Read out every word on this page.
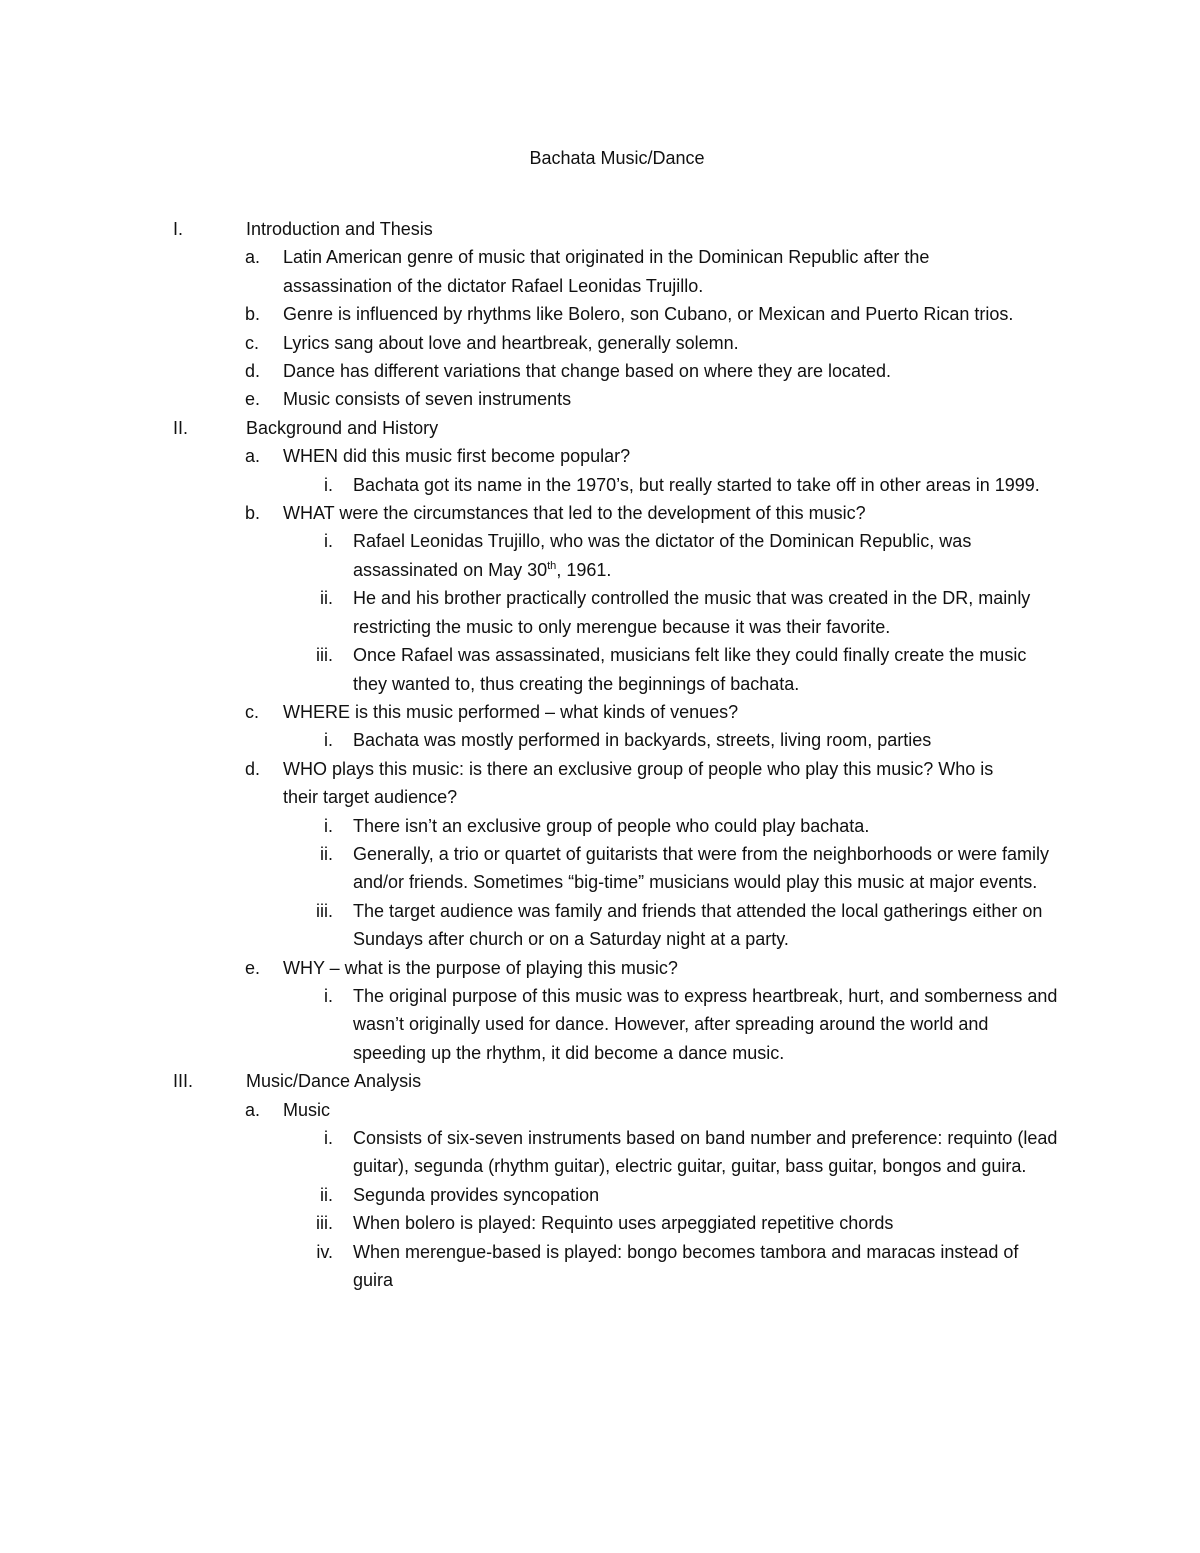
Bachata Music/Dance
I.	Introduction and Thesis
a. Latin American genre of music that originated in the Dominican Republic after the assassination of the dictator Rafael Leonidas Trujillo.
b. Genre is influenced by rhythms like Bolero, son Cubano, or Mexican and Puerto Rican trios.
c. Lyrics sang about love and heartbreak, generally solemn.
d. Dance has different variations that change based on where they are located.
e. Music consists of seven instruments
II.	Background and History
a. WHEN did this music first become popular?
i. Bachata got its name in the 1970’s, but really started to take off in other areas in 1999.
b. WHAT were the circumstances that led to the development of this music?
i. Rafael Leonidas Trujillo, who was the dictator of the Dominican Republic, was assassinated on May 30th, 1961.
ii. He and his brother practically controlled the music that was created in the DR, mainly restricting the music to only merengue because it was their favorite.
iii. Once Rafael was assassinated, musicians felt like they could finally create the music they wanted to, thus creating the beginnings of bachata.
c. WHERE is this music performed – what kinds of venues?
i. Bachata was mostly performed in backyards, streets, living room, parties
d. WHO plays this music: is there an exclusive group of people who play this music? Who is their target audience?
i. There isn’t an exclusive group of people who could play bachata.
ii. Generally, a trio or quartet of guitarists that were from the neighborhoods or were family and/or friends. Sometimes “big-time” musicians would play this music at major events.
iii. The target audience was family and friends that attended the local gatherings either on Sundays after church or on a Saturday night at a party.
e. WHY – what is the purpose of playing this music?
i. The original purpose of this music was to express heartbreak, hurt, and somberness and wasn’t originally used for dance. However, after spreading around the world and speeding up the rhythm, it did become a dance music.
III.	Music/Dance Analysis
a. Music
i. Consists of six-seven instruments based on band number and preference: requinto (lead guitar), segunda (rhythm guitar), electric guitar, guitar, bass guitar, bongos and guira.
ii. Segunda provides syncopation
iii. When bolero is played: Requinto uses arpeggiated repetitive chords
iv. When merengue-based is played: bongo becomes tambora and maracas instead of guira
